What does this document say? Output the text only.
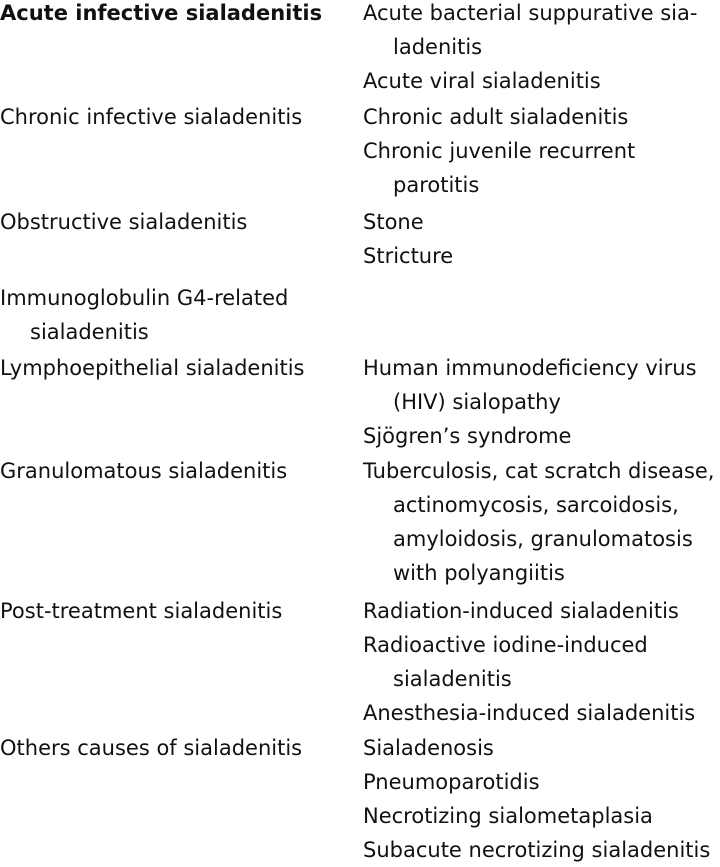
Acute infective sialadenitis	Acute bacterial suppurative sia-
ladenitis
Acute viral sialadenitis
Chronic infective sialadenitis	Chronic adult sialadenitis
Chronic juvenile recurrent
parotitis
Obstructive sialadenitis	Stone
Stricture
Immunoglobulin G4-related
sialadenitis
Lymphoepithelial sialadenitis	Human immunodeficiency virus
(HIV) sialopathy
Sjögren’s syndrome
Granulomatous sialadenitis	Tuberculosis, cat scratch disease,
actinomycosis, sarcoidosis,
amyloidosis, granulomatosis
with polyangiitis
Post-treatment sialadenitis	Radiation-induced sialadenitis
Radioactive iodine-induced
sialadenitis
Anesthesia-induced sialadenitis
Others causes of sialadenitis	Sialadenosis
Pneumoparotidis
Necrotizing sialometaplasia
Subacute necrotizing sialadenitis
